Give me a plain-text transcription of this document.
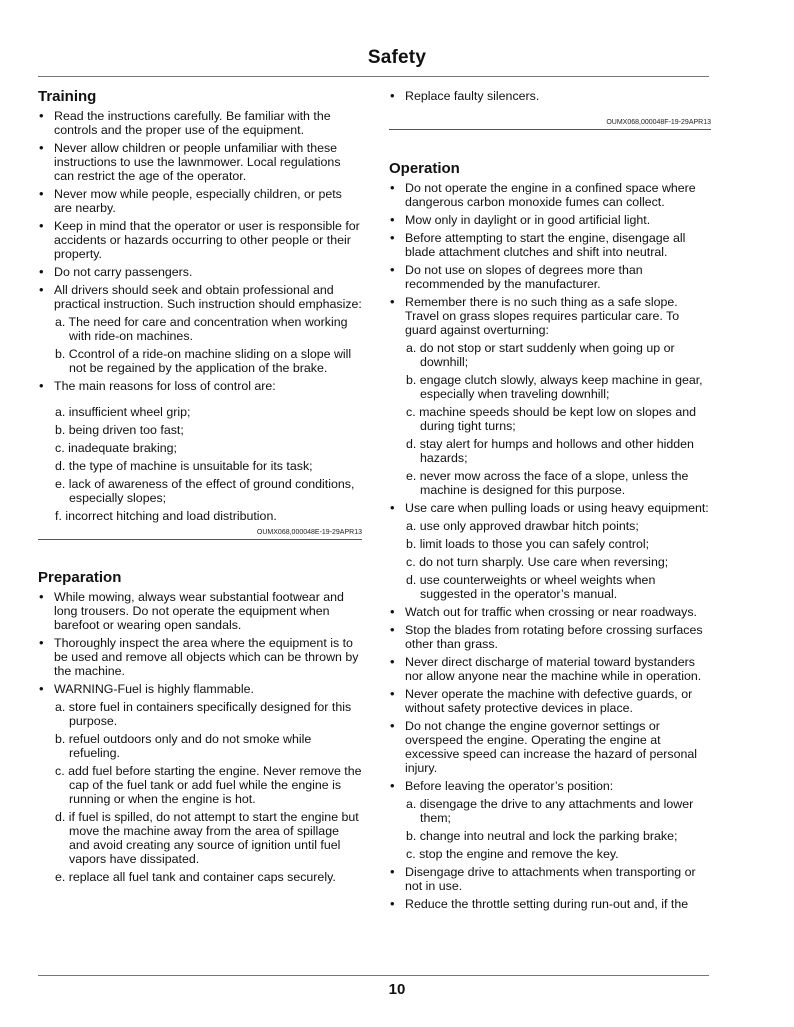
Safety
Training
• Read the instructions carefully. Be familiar with the controls and the proper use of the equipment.
• Never allow children or people unfamiliar with these instructions to use the lawnmower. Local regulations can restrict the age of the operator.
• Never mow while people, especially children, or pets are nearby.
• Keep in mind that the operator or user is responsible for accidents or hazards occurring to other people or their property.
• Do not carry passengers.
• All drivers should seek and obtain professional and practical instruction. Such instruction should emphasize:
a. The need for care and concentration when working with ride-on machines.
b. Ccontrol of a ride-on machine sliding on a slope will not be regained by the application of the brake.
• The main reasons for loss of control are:
a. insufficient wheel grip;
b. being driven too fast;
c. inadequate braking;
d. the type of machine is unsuitable for its task;
e. lack of awareness of the effect of ground conditions, especially slopes;
f. incorrect hitching and load distribution.
OUMX068,000048E-19-29APR13
Preparation
• While mowing, always wear substantial footwear and long trousers. Do not operate the equipment when barefoot or wearing open sandals.
• Thoroughly inspect the area where the equipment is to be used and remove all objects which can be thrown by the machine.
• WARNING-Fuel is highly flammable.
a. store fuel in containers specifically designed for this purpose.
b. refuel outdoors only and do not smoke while refueling.
c. add fuel before starting the engine. Never remove the cap of the fuel tank or add fuel while the engine is running or when the engine is hot.
d. if fuel is spilled, do not attempt to start the engine but move the machine away from the area of spillage and avoid creating any source of ignition until fuel vapors have dissipated.
e. replace all fuel tank and container caps securely.
• Replace faulty silencers.
OUMX068,000048F-19-29APR13
Operation
• Do not operate the engine in a confined space where dangerous carbon monoxide fumes can collect.
• Mow only in daylight or in good artificial light.
• Before attempting to start the engine, disengage all blade attachment clutches and shift into neutral.
• Do not use on slopes of degrees more than recommended by the manufacturer.
• Remember there is no such thing as a safe slope. Travel on grass slopes requires particular care. To guard against overturning:
a. do not stop or start suddenly when going up or downhill;
b. engage clutch slowly, always keep machine in gear, especially when traveling downhill;
c. machine speeds should be kept low on slopes and during tight turns;
d. stay alert for humps and hollows and other hidden hazards;
e. never mow across the face of a slope, unless the machine is designed for this purpose.
• Use care when pulling loads or using heavy equipment:
a. use only approved drawbar hitch points;
b. limit loads to those you can safely control;
c. do not turn sharply. Use care when reversing;
d. use counterweights or wheel weights when suggested in the operator’s manual.
• Watch out for traffic when crossing or near roadways.
• Stop the blades from rotating before crossing surfaces other than grass.
• Never direct discharge of material toward bystanders nor allow anyone near the machine while in operation.
• Never operate the machine with defective guards, or without safety protective devices in place.
• Do not change the engine governor settings or overspeed the engine. Operating the engine at excessive speed can increase the hazard of personal injury.
• Before leaving the operator’s position:
a. disengage the drive to any attachments and lower them;
b. change into neutral and lock the parking brake;
c. stop the engine and remove the key.
• Disengage drive to attachments when transporting or not in use.
• Reduce the throttle setting during run-out and, if the
10
